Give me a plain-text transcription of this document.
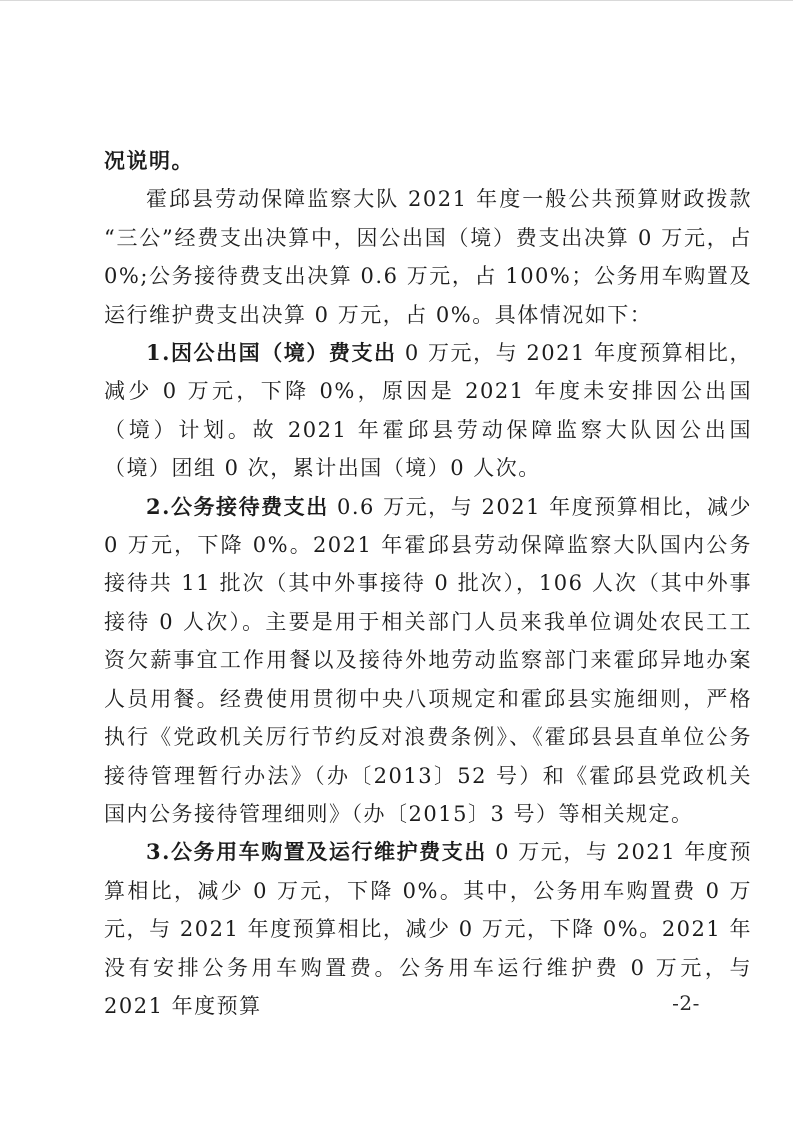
况说明。

霍邱县劳动保障监察大队 2021 年度一般公共预算财政拨款“三公”经费支出决算中，因公出国（境）费支出决算 0 万元，占 0%;公务接待费支出决算 0.6 万元，占 100%；公务用车购置及运行维护费支出决算 0 万元，占 0%。具体情况如下：

1.因公出国（境）费支出 0 万元，与 2021 年度预算相比，减少 0 万元，下降 0%，原因是 2021 年度未安排因公出国（境）计划。故 2021 年霍邱县劳动保障监察大队因公出国（境）团组 0 次，累计出国（境）0 人次。

2.公务接待费支出 0.6 万元，与 2021 年度预算相比，减少 0 万元，下降 0%。2021 年霍邱县劳动保障监察大队国内公务接待共 11 批次（其中外事接待 0 批次），106 人次（其中外事接待 0 人次）。主要是用于相关部门人员来我单位调处农民工工资欠薪事宜工作用餐以及接待外地劳动监察部门来霍邱异地办案人员用餐。经费使用贯彻中央八项规定和霍邱县实施细则，严格执行《党政机关厉行节约反对浪费条例》、《霍邱县县直单位公务接待管理暂行办法》（办〔2013〕52 号）和《霍邱县党政机关国内公务接待管理细则》（办〔2015〕3 号）等相关规定。

3.公务用车购置及运行维护费支出 0 万元，与 2021 年度预算相比，减少 0 万元，下降 0%。其中，公务用车购置费 0 万元，与 2021 年度预算相比，减少 0 万元，下降 0%。2021 年没有安排公务用车购置费。公务用车运行维护费 0 万元，与 2021 年度预算	-2-
